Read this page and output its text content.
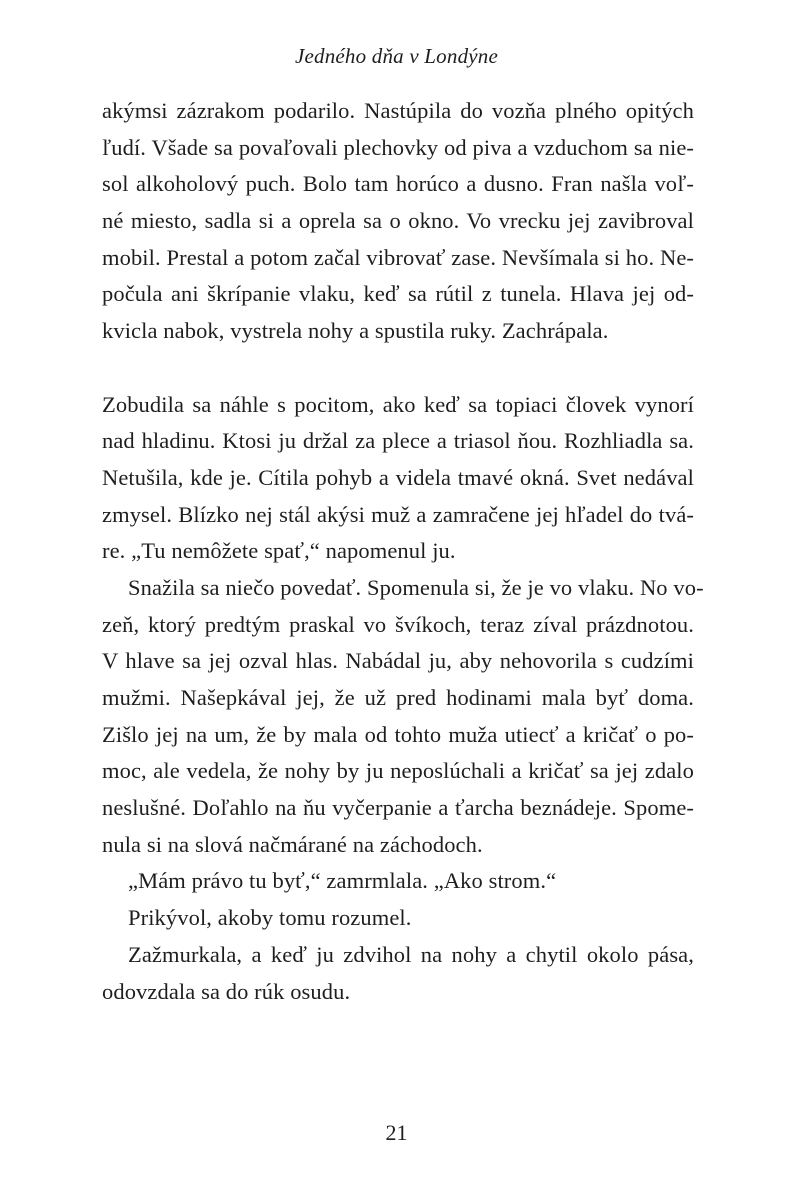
Jedného dňa v Londýne

akýmsi zázrakom podarilo. Nastúpila do vozňa plného opitých
ľudí. Všade sa povaľovali plechovky od piva a vzduchom sa nie-
sol alkoholový puch. Bolo tam horúco a dusno. Fran našla voľ-
né miesto, sadla si a oprela sa o okno. Vo vrecku jej zavibroval
mobil. Prestal a potom začal vibrovať zase. Nevšímala si ho. Ne-
počula ani škrípanie vlaku, keď sa rútil z tunela. Hlava jej od-
kvicla nabok, vystrela nohy a spustila ruky. Zachrápala.

Zobudila sa náhle s pocitom, ako keď sa topiaci človek vynorí
nad hladinu. Ktosi ju držal za plece a triasol ňou. Rozhliadla sa.
Netušila, kde je. Cítila pohyb a videla tmavé okná. Svet nedával
zmysel. Blízko nej stál akýsi muž a zamračene jej hľadel do tvá-
re. „Tu nemôžete spať,“ napomenul ju.

Snažila sa niečo povedať. Spomenula si, že je vo vlaku. No vo-
zeň, ktorý predtým praskal vo švíkoch, teraz zíval prázdnotou.
V hlave sa jej ozval hlas. Nabádal ju, aby nehovorila s cudzími
mužmi. Našepkával jej, že už pred hodinami mala byť doma.
Zišlo jej na um, že by mala od tohto muža utiecť a kričať o po-
moc, ale vedela, že nohy by ju neposlúchali a kričať sa jej zdalo
neslušné. Doľahlo na ňu vyčerpanie a ťarcha beznádeje. Spome-
nula si na slová načmárané na záchodoch.

„Mám právo tu byť,“ zamrmlala. „Ako strom.“

Prikývol, akoby tomu rozumel.

Zažmurkala, a keď ju zdvihol na nohy a chytil okolo pása,
odovzdala sa do rúk osudu.

21
